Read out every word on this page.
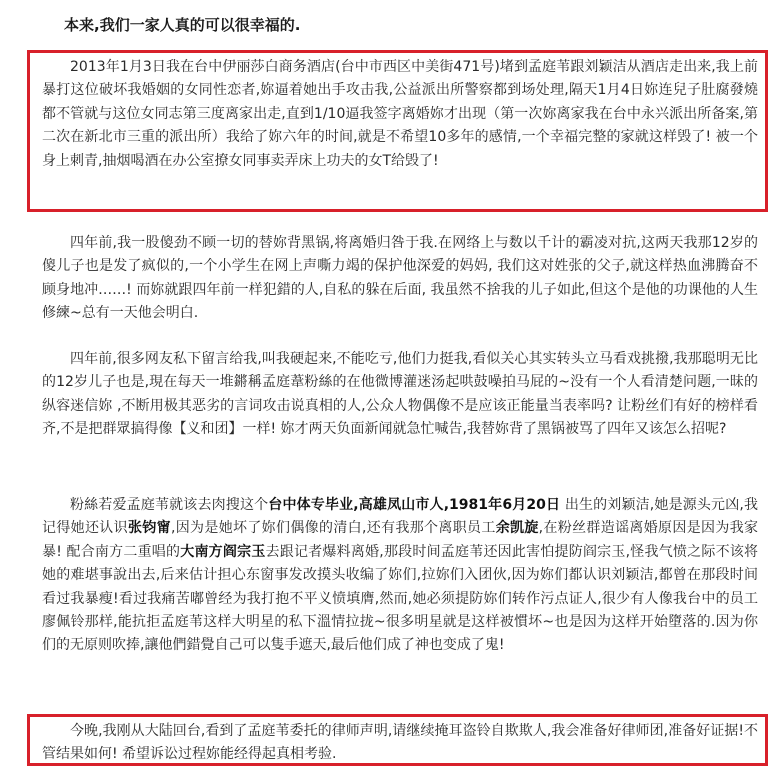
本来,我们一家人真的可以很幸福的.

2013年1月3日我在台中伊丽莎白商务酒店(台中市西区中美街471号)堵到孟庭苇跟刘颖洁从酒店走出来,我上前暴打这位破坏我婚姻的女同性恋者,妳逼着她出手攻击我,公益派出所警察都到场处理,隔天1月4日妳连兒子肚腐發燒都不管就与这位女同志第三度离家出走,直到1/10逼我签字离婚妳才出现（第一次妳离家我在台中永兴派出所备案,第二次在新北市三重的派出所）我给了妳六年的时间,就是不希望10多年的感情,一个幸福完整的家就这样毁了! 被一个身上刺青,抽烟喝酒在办公室撩女同事卖弄床上功夫的女T给毁了!

四年前,我一股傻劲不顾一切的替妳背黑锅,将离婚归咎于我.在网络上与数以千计的霸凌对抗,这两天我那12岁的傻儿子也是发了疯似的,一个小学生在网上声嘶力竭的保护他深爱的妈妈, 我们这对姓张的父子,就这样热血沸腾奋不顾身地冲……! 而妳就跟四年前一样犯錯的人,自私的躲在后面, 我虽然不捨我的儿子如此,但这个是他的功课他的人生修練~总有一天他会明白.

四年前,很多网友私下留言给我,叫我硬起来,不能吃亏,他们力挺我,看似关心其实转头立马看戏挑撥,我那聪明无比的12岁儿子也是,現在每天一堆鏘稱孟庭葦粉絲的在他微博灌迷汤起哄鼓噪拍马屁的~没有一个人看清楚问题,一昧的纵容迷信妳 ,不断用极其恶劣的言词攻击说真相的人,公众人物偶像不是应该正能量当表率吗? 让粉丝们有好的榜样看齐,不是把群眾搞得像【义和团】一样! 妳才两天负面新闻就急忙喊告,我替妳背了黑锅被骂了四年又该怎么招呢?

粉絲若爱孟庭苇就该去肉搜这个台中体专毕业,高雄凤山市人,1981年6月20日 出生的刘颖洁,她是源头元凶,我记得她还认识张钧甯,因为是她坏了妳们偶像的清白,还有我那个离职员工余凯旋,在粉丝群造谣离婚原因是因为我家暴! 配合南方二重唱的大南方阎宗玉去跟记者爆料离婚,那段时间孟庭苇还因此害怕提防阎宗玉,怪我气愤之际不该将她的难堪事說出去,后来估计担心东窗事发改摸头收编了妳们,拉妳们入团伙,因为妳们都认识刘颖洁,都曾在那段时间看过我暴瘦!看过我痛苦嘟曾经为我打抱不平义愤填膺,然而,她必须提防妳们转作污点证人,很少有人像我台中的员工廖佩铃那样,能抗拒孟庭苇这样大明星的私下溫情拉拢~很多明星就是这样被慣坏~也是因为这样开始墮落的.因为你们的无原则吹捧,讓他們錯覺自己可以隻手遮天,最后他们成了神也变成了鬼!

今晚,我刚从大陆回台,看到了孟庭苇委托的律师声明,请继续掩耳盗铃自欺欺人,我会准备好律师团,准备好证据!不管结果如何! 希望诉讼过程妳能经得起真相考验.
